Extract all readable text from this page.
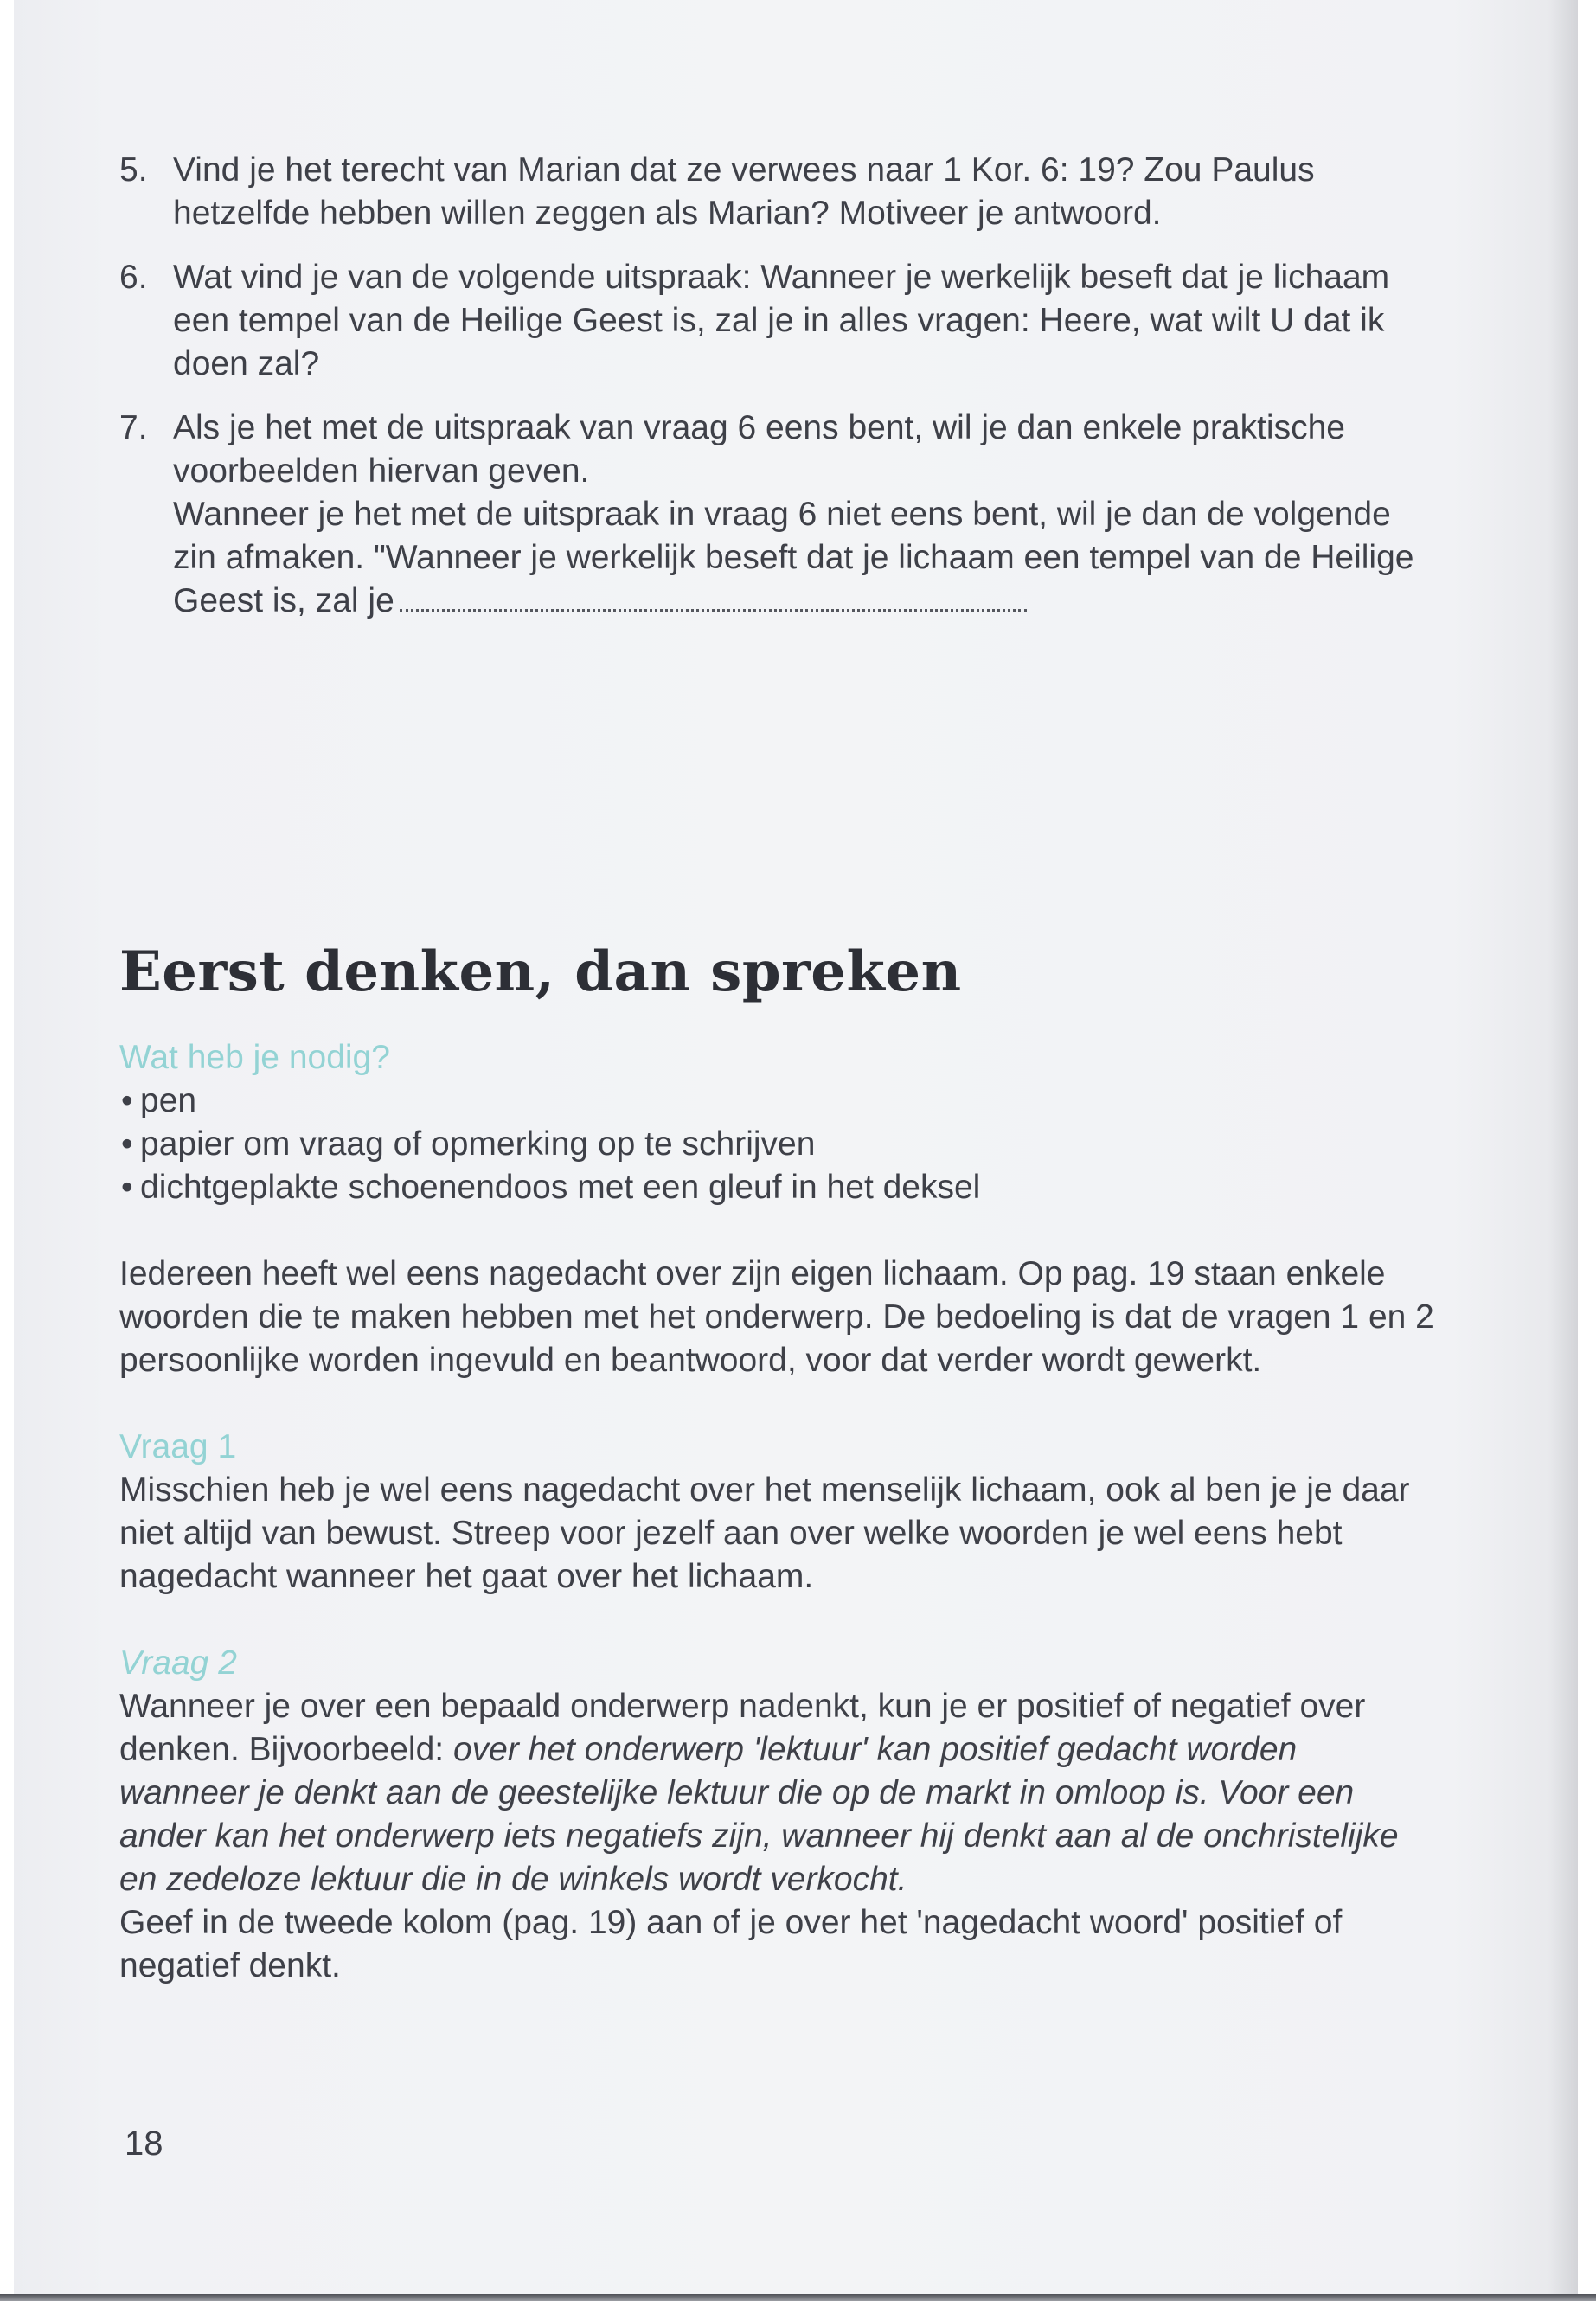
5. Vind je het terecht van Marian dat ze verwees naar 1 Kor. 6: 19? Zou Paulus hetzelfde hebben willen zeggen als Marian? Motiveer je antwoord.
6. Wat vind je van de volgende uitspraak: Wanneer je werkelijk beseft dat je lichaam een tempel van de Heilige Geest is, zal je in alles vragen: Heere, wat wilt U dat ik doen zal?
7. Als je het met de uitspraak van vraag 6 eens bent, wil je dan enkele praktische voorbeelden hiervan geven.
Wanneer je het met de uitspraak in vraag 6 niet eens bent, wil je dan de volgende zin afmaken. "Wanneer je werkelijk beseft dat je lichaam een tempel van de Heilige Geest is, zal je
Eerst denken, dan spreken
Wat heb je nodig?
• pen
• papier om vraag of opmerking op te schrijven
• dichtgeplakte schoenendoos met een gleuf in het deksel

Iedereen heeft wel eens nagedacht over zijn eigen lichaam. Op pag. 19 staan enkele woorden die te maken hebben met het onderwerp. De bedoeling is dat de vragen 1 en 2 persoonlijke worden ingevuld en beantwoord, voor dat verder wordt gewerkt.

Vraag 1

Misschien heb je wel eens nagedacht over het menselijk lichaam, ook al ben je je daar niet altijd van bewust. Streep voor jezelf aan over welke woorden je wel eens hebt nagedacht wanneer het gaat over het lichaam.

Vraag 2

Wanneer je over een bepaald onderwerp nadenkt, kun je er positief of negatief over denken. Bijvoorbeeld: over het onderwerp 'lektuur' kan positief gedacht worden wanneer je denkt aan de geestelijke lektuur die op de markt in omloop is. Voor een ander kan het onderwerp iets negatiefs zijn, wanneer hij denkt aan al de onchristelijke en zedeloze lektuur die in de winkels wordt verkocht.

Geef in de tweede kolom (pag. 19) aan of je over het 'nagedacht woord' positief of negatief denkt.

18
